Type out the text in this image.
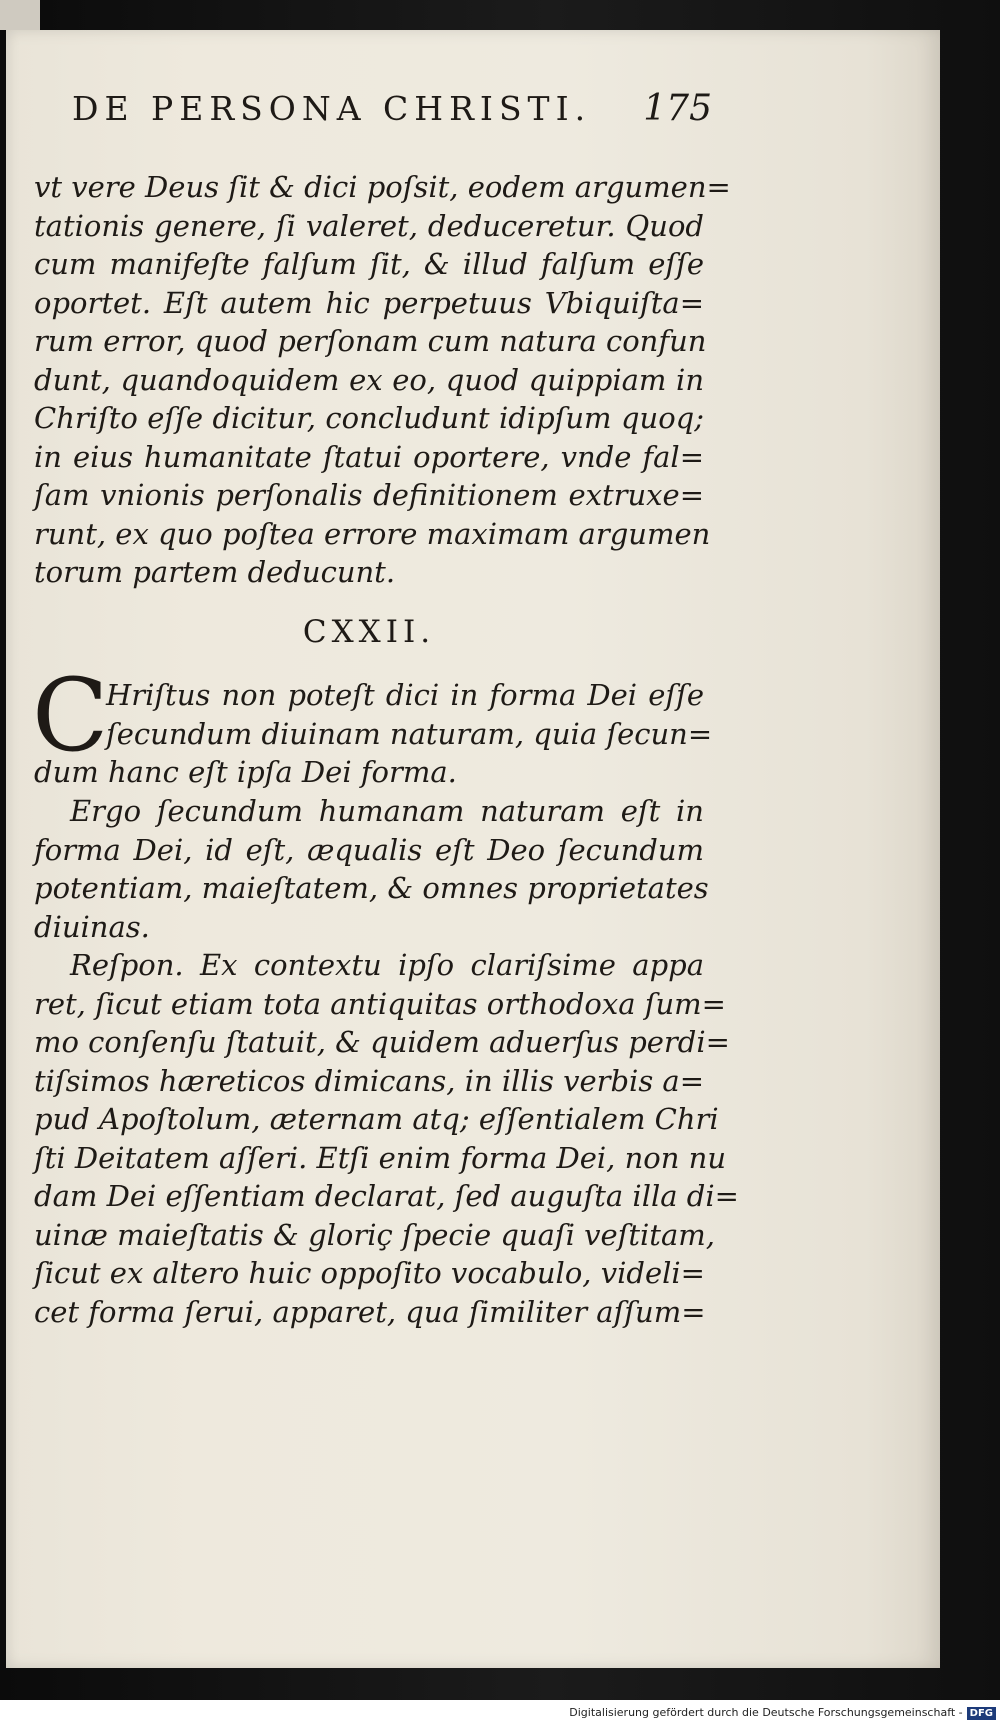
DE PERSONA CHRISTI. 175
vt vere Deus ſit & dici poſsit, eodem argumen=
tationis genere, ſi valeret, deduceretur. Quod
cum manifeſte falſum ſit, & illud falſum eſſe
oportet. Eſt autem hic perpetuus Vbiquiſta=
rum error, quod perſonam cum natura confun
dunt, quandoquidem ex eo, quod quippiam in
Chriſto eſſe dicitur, concludunt idipſum quoq;
in eius humanitate ſtatui oportere, vnde fal=
ſam vnionis perſonalis definitionem extruxe=
runt, ex quo poſtea errore maximam argumen
torum partem deducunt.
CXXII.
C
Hriſtus non poteſt dici in forma Dei eſſe
ſecundum diuinam naturam, quia ſecun=
dum hanc eſt ipſa Dei forma.
Ergo ſecundum humanam naturam eſt in
forma Dei, id eſt, æqualis eſt Deo ſecundum
potentiam, maieſtatem, & omnes proprietates
diuinas.
Reſpon. Ex contextu ipſo clariſsime appa
ret, ſicut etiam tota antiquitas orthodoxa ſum=
mo conſenſu ſtatuit, & quidem aduerſus perdi=
tiſsimos hæreticos dimicans, in illis verbis a=
pud Apoſtolum, æternam atq; eſſentialem Chri
ſti Deitatem aſſeri. Etſi enim forma Dei, non nu
dam Dei eſſentiam declarat, ſed auguſta illa di=
uinæ maieſtatis & gloriç ſpecie quaſi veſtitam,
ſicut ex altero huic oppoſito vocabulo, videli=
cet forma ſerui, apparet, qua ſimiliter aſſum=
Digitalisierung gefördert durch die Deutsche Forschungsgemeinschaft - DFG
